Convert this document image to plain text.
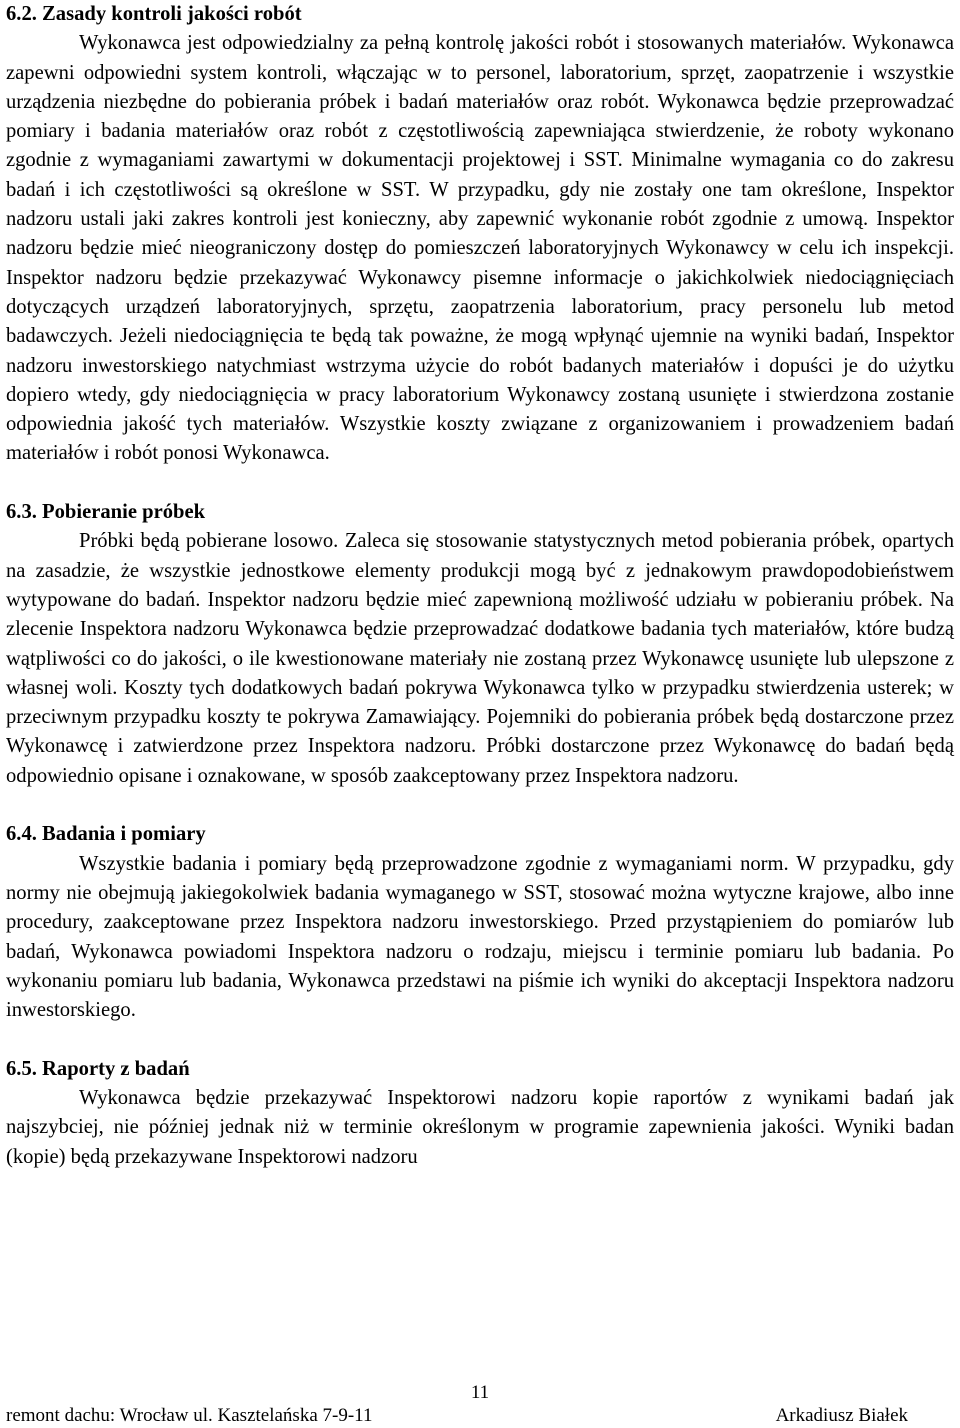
6.2. Zasady kontroli jakości robót

Wykonawca jest odpowiedzialny za pełną kontrolę jakości robót i stosowanych materiałów. Wykonawca zapewni odpowiedni system kontroli, włączając w to personel, laboratorium, sprzęt, zaopatrzenie i wszystkie urządzenia niezbędne do pobierania próbek i badań materiałów oraz robót. Wykonawca będzie przeprowadzać pomiary i badania materiałów oraz robót z częstotliwością zapewniająca stwierdzenie, że roboty wykonano zgodnie z wymaganiami zawartymi w dokumentacji projektowej i SST. Minimalne wymagania co do zakresu badań i ich częstotliwości są określone w SST. W przypadku, gdy nie zostały one tam określone, Inspektor nadzoru ustali jaki zakres kontroli jest konieczny, aby zapewnić wykonanie robót zgodnie z umową. Inspektor nadzoru będzie mieć nieograniczony dostęp do pomieszczeń laboratoryjnych Wykonawcy w celu ich inspekcji. Inspektor nadzoru będzie przekazywać Wykonawcy pisemne informacje o jakichkolwiek niedociągnięciach dotyczących urządzeń laboratoryjnych, sprzętu, zaopatrzenia laboratorium, pracy personelu lub metod badawczych. Jeżeli niedociągnięcia te będą tak poważne, że mogą wpłynąć ujemnie na wyniki badań, Inspektor nadzoru inwestorskiego natychmiast wstrzyma użycie do robót badanych materiałów i dopuści je do użytku dopiero wtedy, gdy niedociągnięcia w pracy laboratorium Wykonawcy zostaną usunięte i stwierdzona zostanie odpowiednia jakość tych materiałów. Wszystkie koszty związane z organizowaniem i prowadzeniem badań materiałów i robót ponosi Wykonawca.

6.3. Pobieranie próbek

Próbki będą pobierane losowo. Zaleca się stosowanie statystycznych metod pobierania próbek, opartych na zasadzie, że wszystkie jednostkowe elementy produkcji mogą być z jednakowym prawdopodobieństwem wytypowane do badań. Inspektor nadzoru będzie mieć zapewnioną możliwość udziału w pobieraniu próbek. Na zlecenie Inspektora nadzoru Wykonawca będzie przeprowadzać dodatkowe badania tych materiałów, które budzą wątpliwości co do jakości, o ile kwestionowane materiały nie zostaną przez Wykonawcę usunięte lub ulepszone z własnej woli. Koszty tych dodatkowych badań pokrywa Wykonawca tylko w przypadku stwierdzenia usterek; w przeciwnym przypadku koszty te pokrywa Zamawiający. Pojemniki do pobierania próbek będą dostarczone przez Wykonawcę i zatwierdzone przez Inspektora nadzoru. Próbki dostarczone przez Wykonawcę do badań będą odpowiednio opisane i oznakowane, w sposób zaakceptowany przez Inspektora nadzoru.

6.4. Badania i pomiary

Wszystkie badania i pomiary będą przeprowadzone zgodnie z wymaganiami norm. W przypadku, gdy normy nie obejmują jakiegokolwiek badania wymaganego w SST, stosować można wytyczne krajowe, albo inne procedury, zaakceptowane przez Inspektora nadzoru inwestorskiego. Przed przystąpieniem do pomiarów lub badań, Wykonawca powiadomi Inspektora nadzoru o rodzaju, miejscu i terminie pomiaru lub badania. Po wykonaniu pomiaru lub badania, Wykonawca przedstawi na piśmie ich wyniki do akceptacji Inspektora nadzoru inwestorskiego.

6.5. Raporty z badań

Wykonawca będzie przekazywać Inspektorowi nadzoru kopie raportów z wynikami badań jak najszybciej, nie później jednak niż w terminie określonym w programie zapewnienia jakości. Wyniki badan (kopie) będą przekazywane Inspektorowi nadzoru

11
remont dachu: Wrocław ul. Kasztelańska 7-9-11	Arkadiusz Białek
